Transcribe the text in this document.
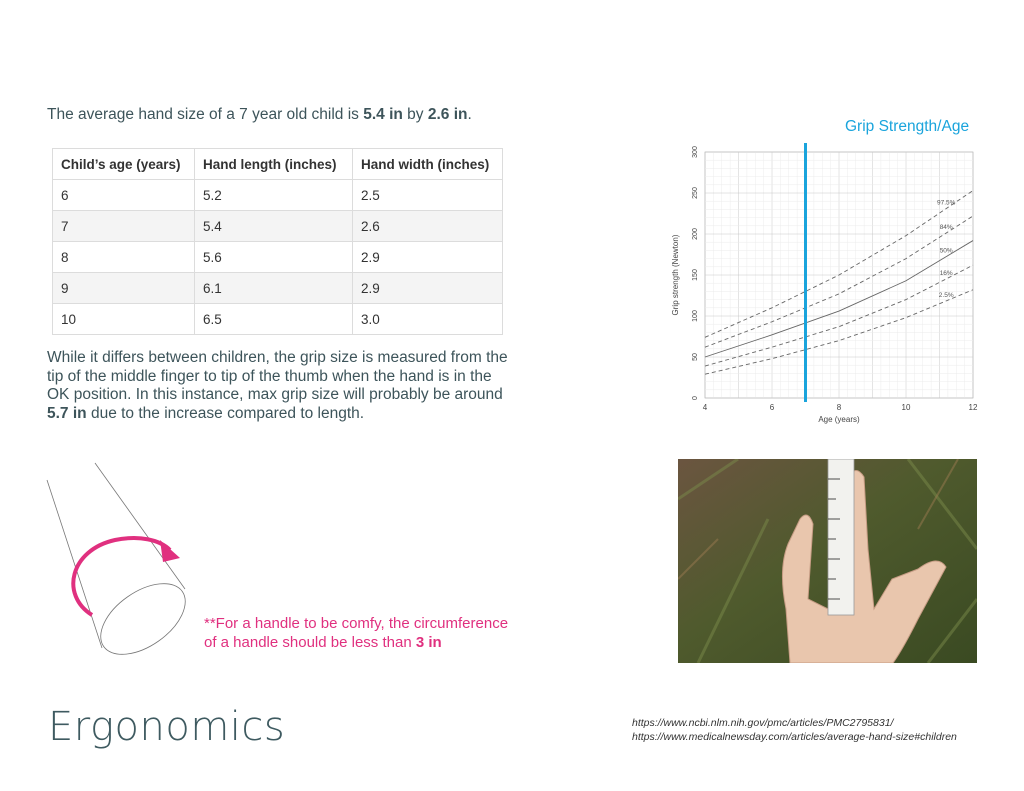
The average hand size of a 7 year old child is 5.4 in by 2.6 in.
Child’s age (years)	Hand length (inches)	Hand width (inches)
6	5.2	2.5
7	5.4	2.6
8	5.6	2.9
9	6.1	2.9
10	6.5	3.0
While it differs between children, the grip size is measured from the tip of the middle finger to tip of the thumb when the hand is in the OK position. In this instance, max grip size will probably be around 5.7 in due to the increase compared to length.
**For a handle to be comfy, the circumference of a handle should be less than 3 in
Ergonomics	https://www.ncbi.nlm.nih.gov/pmc/articles/PMC2795831/
https://www.medicalnewsday.com/articles/average-hand-size#children
Grip Strength/Age
4	6	8	10	12
0
50
100
150
200
250
300
Age (years)
Grip strength (Newton)
97.5%
84%
50%
16%
2.5%
